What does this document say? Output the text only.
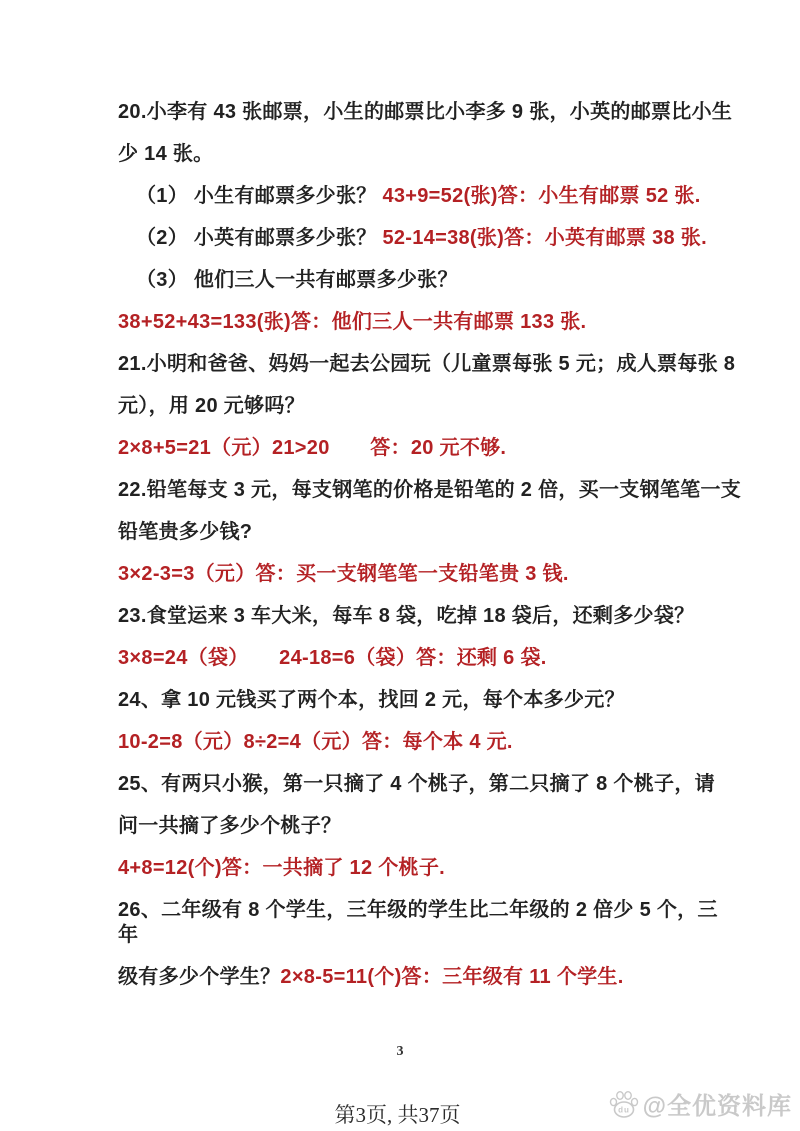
20.小李有 43 张邮票，小生的邮票比小李多 9 张，小英的邮票比小生
少 14 张。
（1） 小生有邮票多少张？ 43+9=52(张)答：小生有邮票 52 张.
（2） 小英有邮票多少张？ 52-14=38(张)答：小英有邮票 38 张.
（3） 他们三人一共有邮票多少张？
38+52+43=133(张)答：他们三人一共有邮票 133 张.
21.小明和爸爸、妈妈一起去公园玩（儿童票每张 5 元；成人票每张 8
元），用 20 元够吗？
2×8+5=21（元）21>20　　答：20 元不够.
22.铅笔每支 3 元，每支钢笔的价格是铅笔的 2 倍，买一支钢笔笔一支
铅笔贵多少钱?
3×2-3=3（元）答：买一支钢笔笔一支铅笔贵 3 钱.
23.食堂运来 3 车大米，每车 8 袋，吃掉 18 袋后，还剩多少袋？
3×8=24（袋）　　24-18=6（袋）答：还剩 6 袋.
24、拿 10 元钱买了两个本，找回 2 元，每个本多少元？
10-2=8（元）8÷2=4（元）答：每个本 4 元.
25、有两只小猴，第一只摘了 4 个桃子，第二只摘了 8 个桃子，请
问一共摘了多少个桃子？
4+8=12(个)答：一共摘了 12 个桃子.
26、二年级有 8 个学生，三年级的学生比二年级的 2 倍少 5 个，三
年
级有多少个学生？2×8-5=11(个)答：三年级有 11 个学生.
3
第3页, 共37页	du @全优资料库
